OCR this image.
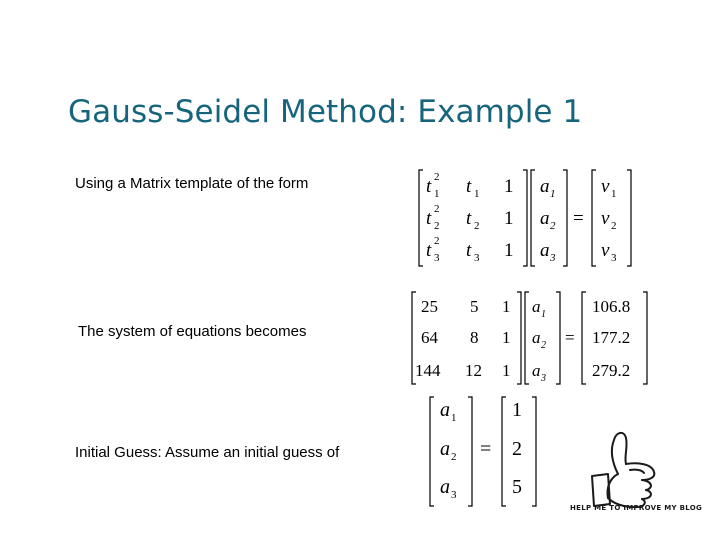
Gauss-Seidel Method: Example 1
Using a Matrix template of the form
The system of equations becomes
Initial Guess: Assume an initial guess of
t 2
1 t 1 1 a 1 v 1
t 2
2 t 2 1 a 2 = v 2
t 2
3 t 3 1 a 3 v 3
25 5 1
64 8 1
144 12 1
a 1
a 2
a 3
=
106.8
177.2
279.2
a 1
a 2
a 3
=
1
2
5
HELP ME TO IMPROVE MY BLOG
